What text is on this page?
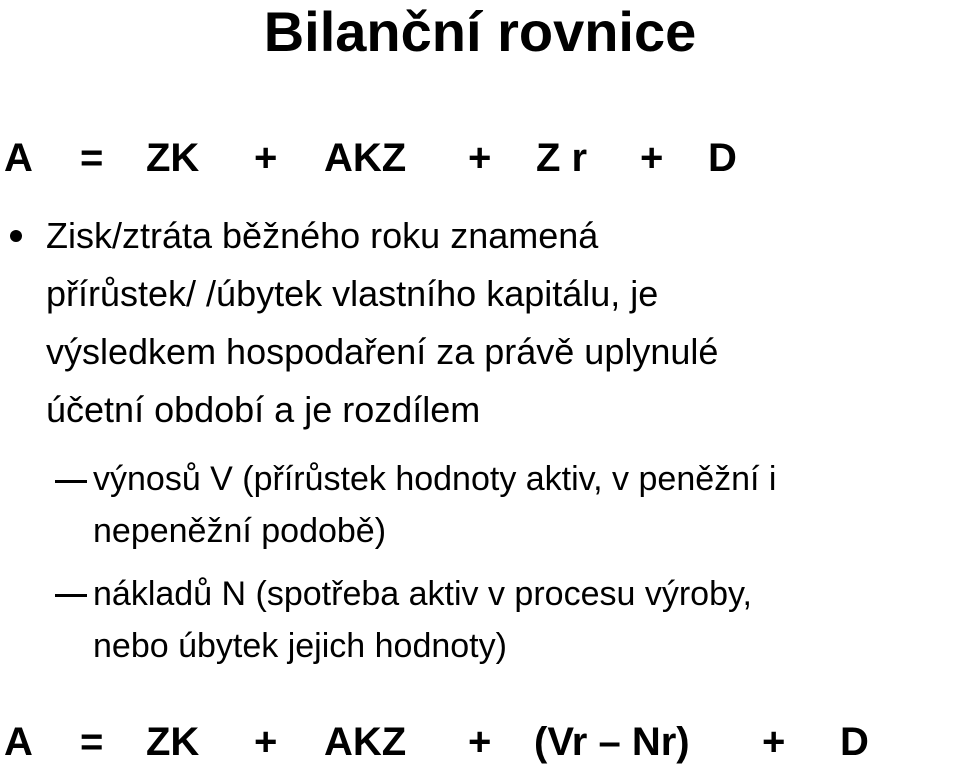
Bilanční rovnice
A = ZK + AKZ + Z r + D
Zisk/ztráta běžného roku znamená
přírůstek/ /úbytek vlastního kapitálu, je
výsledkem hospodaření za právě uplynulé
účetní období a je rozdílem
výnosů V (přírůstek hodnoty aktiv, v peněžní i
nepeněžní podobě)
nákladů N (spotřeba aktiv v procesu výroby,
nebo úbytek jejich hodnoty)
A = ZK + AKZ + (Vr – Nr) + D
